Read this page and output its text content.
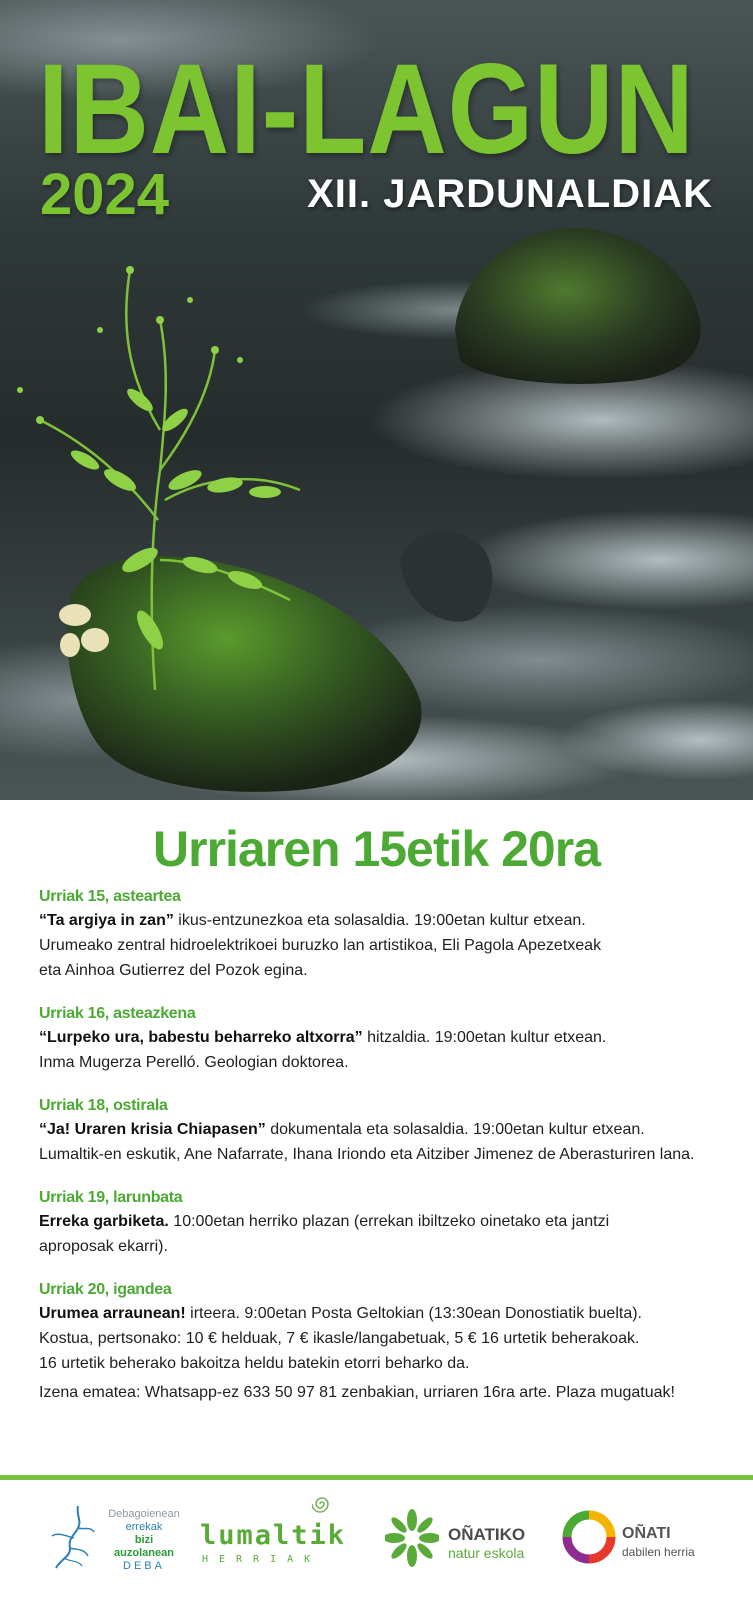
IBAI-LAGUN
2024	XII. JARDUNALDIAK
Urriaren 15etik 20ra
Urriak 15, asteartea
“Ta argiya in zan” ikus-entzunezkoa eta solasaldia. 19:00etan kultur etxean.
Urumeako zentral hidroelektrikoei buruzko lan artistikoa, Eli Pagola Apezetxeak
eta Ainhoa Gutierrez del Pozok egina.
Urriak 16, asteazkena
“Lurpeko ura, babestu beharreko altxorra” hitzaldia. 19:00etan kultur etxean.
Inma Mugerza Perelló. Geologian doktorea.
Urriak 18, ostirala
“Ja! Uraren krisia Chiapasen” dokumentala eta solasaldia. 19:00etan kultur etxean.
Lumaltik-en eskutik, Ane Nafarrate, Ihana Iriondo eta Aitziber Jimenez de Aberasturiren lana.
Urriak 19, larunbata
Erreka garbiketa. 10:00etan herriko plazan (errekan ibiltzeko oinetako eta jantzi
aproposak ekarri).
Urriak 20, igandea
Urumea arraunean! irteera. 9:00etan Posta Geltokian (13:30ean Donostiatik buelta).
Kostua, pertsonako: 10 € helduak, 7 € ikasle/langabetuak, 5 € 16 urtetik beherakoak.
16 urtetik beherako bakoitza heldu batekin etorri beharko da.
Izena ematea: Whatsapp-ez 633 50 97 81 zenbakian, urriaren 16ra arte. Plaza mugatuak!
Debagoienean
errekak
bizi
auzolanean
DEBA
lumaltik
HERRIAK
OÑATIKO
natur eskola
OÑATI
dabilen herria
